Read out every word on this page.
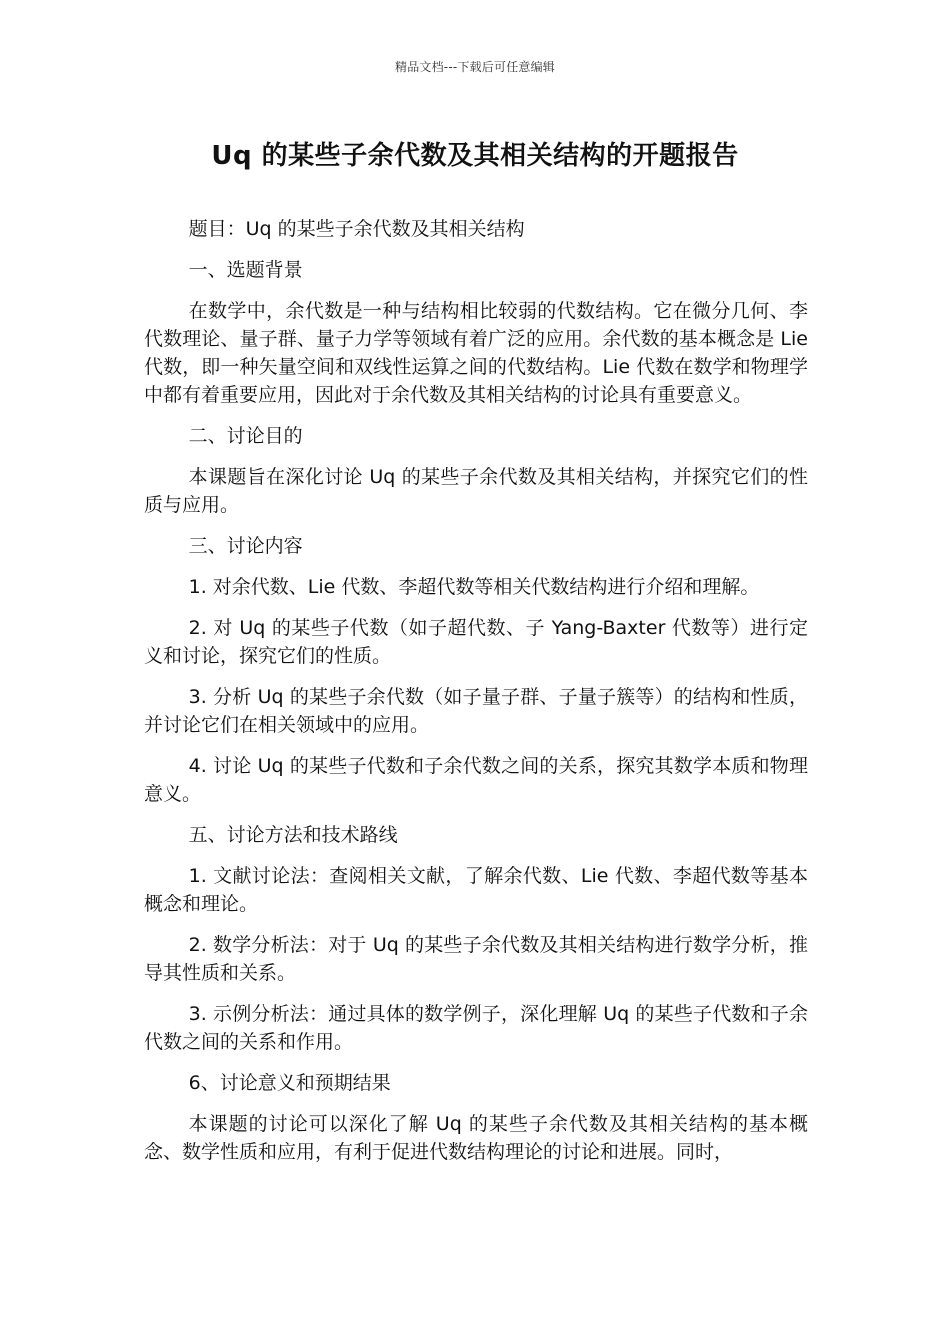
精品文档---下载后可任意编辑
Uq 的某些子余代数及其相关结构的开题报告

题目：Uq 的某些子余代数及其相关结构

一、选题背景

在数学中，余代数是一种与结构相比较弱的代数结构。它在微分几何、李代数理论、量子群、量子力学等领域有着广泛的应用。余代数的基本概念是 Lie 代数，即一种矢量空间和双线性运算之间的代数结构。Lie 代数在数学和物理学中都有着重要应用，因此对于余代数及其相关结构的讨论具有重要意义。

二、讨论目的

本课题旨在深化讨论 Uq 的某些子余代数及其相关结构，并探究它们的性质与应用。

三、讨论内容

1. 对余代数、Lie 代数、李超代数等相关代数结构进行介绍和理解。

2. 对 Uq 的某些子代数（如子超代数、子 Yang-Baxter 代数等）进行定义和讨论，探究它们的性质。

3. 分析 Uq 的某些子余代数（如子量子群、子量子簇等）的结构和性质，并讨论它们在相关领域中的应用。

4. 讨论 Uq 的某些子代数和子余代数之间的关系，探究其数学本质和物理意义。

五、讨论方法和技术路线

1. 文献讨论法：查阅相关文献，了解余代数、Lie 代数、李超代数等基本概念和理论。

2. 数学分析法：对于 Uq 的某些子余代数及其相关结构进行数学分析，推导其性质和关系。

3. 示例分析法：通过具体的数学例子，深化理解 Uq 的某些子代数和子余代数之间的关系和作用。

6、讨论意义和预期结果

本课题的讨论可以深化了解 Uq 的某些子余代数及其相关结构的基本概念、数学性质和应用，有利于促进代数结构理论的讨论和进展。同时，
